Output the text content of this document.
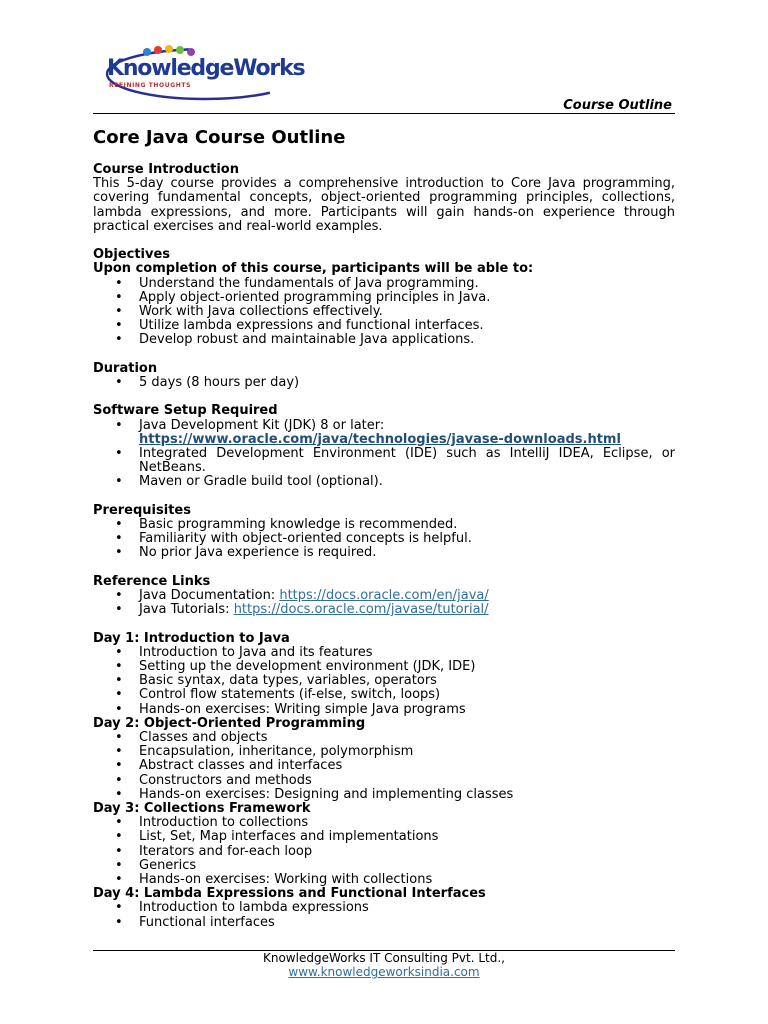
KnowledgeWorks
REFINING THOUGHTS
Course Outline
Core Java Course Outline
Course Introduction

This 5-day course provides a comprehensive introduction to Core Java programming, covering fundamental concepts, object-oriented programming principles, collections, lambda expressions, and more. Participants will gain hands-on experience through practical exercises and real-world examples.

Objectives
Upon completion of this course, participants will be able to:
• Understand the fundamentals of Java programming.
• Apply object-oriented programming principles in Java.
• Work with Java collections effectively.
• Utilize lambda expressions and functional interfaces.
• Develop robust and maintainable Java applications.
Duration
• 5 days (8 hours per day)
Software Setup Required
• Java Development Kit (JDK) 8 or later:
https://www.oracle.com/java/technologies/javase-downloads.html
• Integrated Development Environment (IDE) such as IntelliJ IDEA, Eclipse, or NetBeans.
• Maven or Gradle build tool (optional).
Prerequisites
• Basic programming knowledge is recommended.
• Familiarity with object-oriented concepts is helpful.
• No prior Java experience is required.
Reference Links
• Java Documentation: https://docs.oracle.com/en/java/
• Java Tutorials: https://docs.oracle.com/javase/tutorial/
Day 1: Introduction to Java
• Introduction to Java and its features
• Setting up the development environment (JDK, IDE)
• Basic syntax, data types, variables, operators
• Control flow statements (if-else, switch, loops)
• Hands-on exercises: Writing simple Java programs
Day 2: Object-Oriented Programming
• Classes and objects
• Encapsulation, inheritance, polymorphism
• Abstract classes and interfaces
• Constructors and methods
• Hands-on exercises: Designing and implementing classes
Day 3: Collections Framework
• Introduction to collections
• List, Set, Map interfaces and implementations
• Iterators and for-each loop
• Generics
• Hands-on exercises: Working with collections
Day 4: Lambda Expressions and Functional Interfaces
• Introduction to lambda expressions
• Functional interfaces
KnowledgeWorks IT Consulting Pvt. Ltd.,
www.knowledgeworksindia.com
